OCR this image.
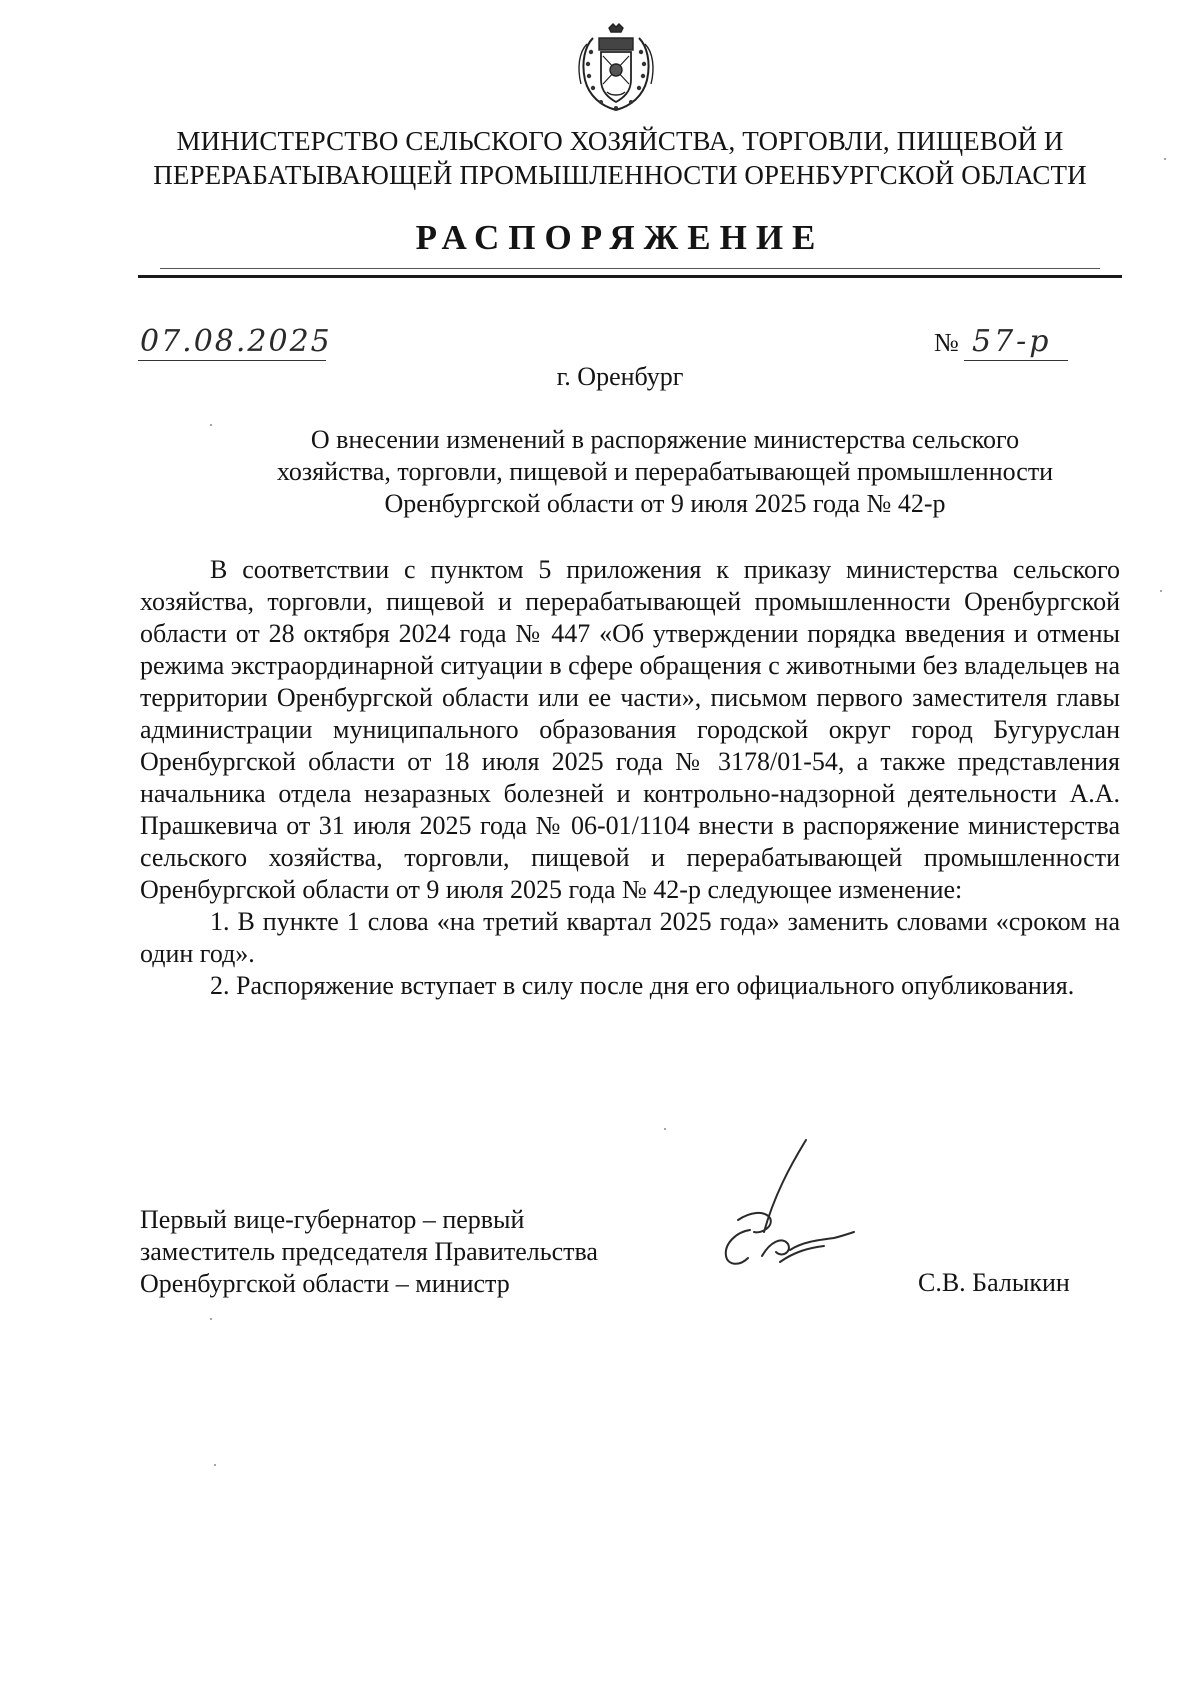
МИНИСТЕРСТВО СЕЛЬСКОГО ХОЗЯЙСТВА, ТОРГОВЛИ, ПИЩЕВОЙ И
ПЕРЕРАБАТЫВАЮЩЕЙ ПРОМЫШЛЕННОСТИ ОРЕНБУРГСКОЙ ОБЛАСТИ
РАСПОРЯЖЕНИЕ
07.08.2025	№ 57-р
г. Оренбург
О внесении изменений в распоряжение министерства сельского
хозяйства, торговли, пищевой и перерабатывающей промышленности
Оренбургской области от 9 июля 2025 года № 42-р

В соответствии с пунктом 5 приложения к приказу министерства сельского хозяйства, торговли, пищевой и перерабатывающей промышленности Оренбургской области от 28 октября 2024 года № 447 «Об утверждении порядка введения и отмены режима экстраординарной ситуации в сфере обращения с животными без владельцев на территории Оренбургской области или ее части», письмом первого заместителя главы администрации муниципального образования городской округ город Бугуруслан Оренбургской области от 18 июля 2025 года № 3178/01-54, а также представления начальника отдела незаразных болезней и контрольно-надзорной деятельности А.А. Прашкевича от 31 июля 2025 года № 06-01/1104 внести в распоряжение министерства сельского хозяйства, торговли, пищевой и перерабатывающей промышленности Оренбургской области от 9 июля 2025 года № 42-р следующее изменение:

1. В пункте 1 слова «на третий квартал 2025 года» заменить словами «сроком на один год».

2. Распоряжение вступает в силу после дня его официального опубликования.

Первый вице-губернатор – первый
заместитель председателя Правительства
Оренбургской области – министр	С.В. Балыкин
